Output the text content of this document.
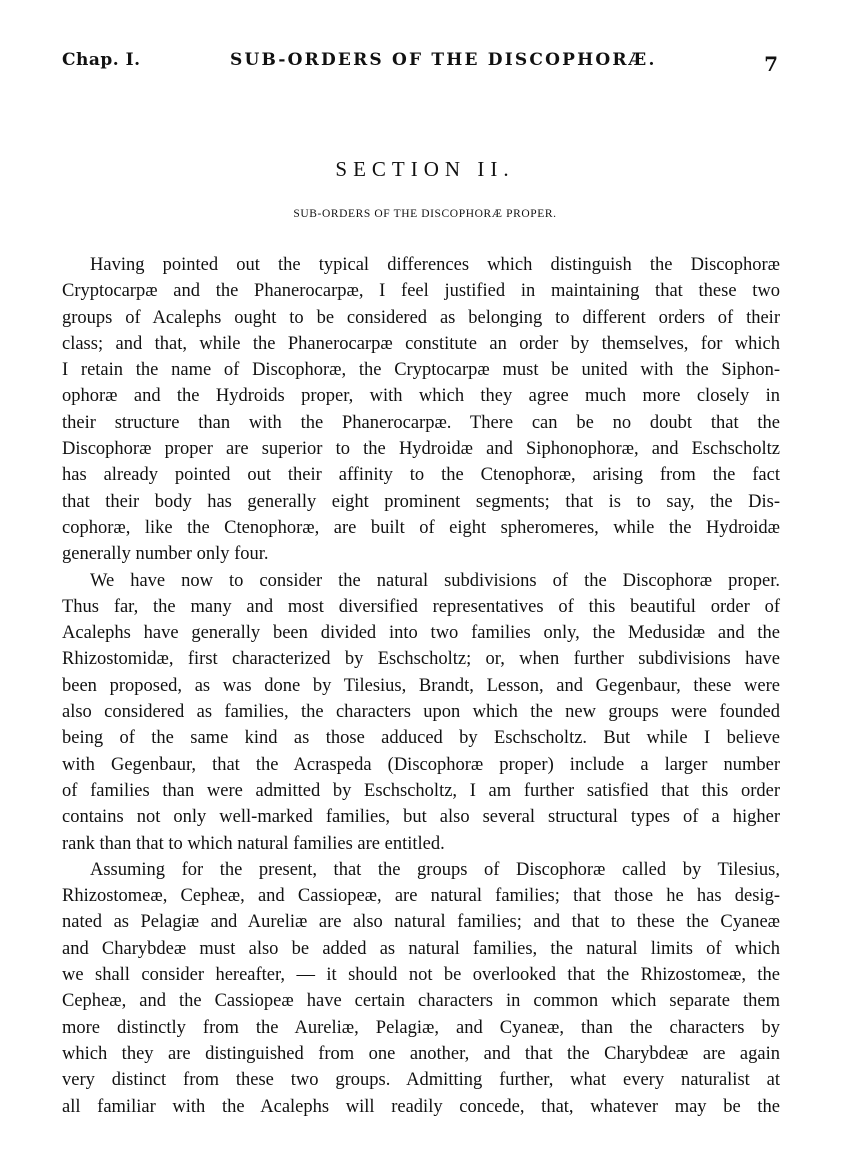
Chap. I.	SUB-ORDERS OF THE DISCOPHORÆ.	7
SECTION II.
SUB-ORDERS OF THE DISCOPHORÆ PROPER.
Having pointed out the typical differences which distinguish the Discophoræ
Cryptocarpæ and the Phanerocarpæ, I feel justified in maintaining that these two
groups of Acalephs ought to be considered as belonging to different orders of their
class; and that, while the Phanerocarpæ constitute an order by themselves, for which
I retain the name of Discophoræ, the Cryptocarpæ must be united with the Siphon-
ophoræ and the Hydroids proper, with which they agree much more closely in
their structure than with the Phanerocarpæ. There can be no doubt that the
Discophoræ proper are superior to the Hydroidæ and Siphonophoræ, and Eschscholtz
has already pointed out their affinity to the Ctenophoræ, arising from the fact
that their body has generally eight prominent segments; that is to say, the Dis-
cophoræ, like the Ctenophoræ, are built of eight spheromeres, while the Hydroidæ
generally number only four.
We have now to consider the natural subdivisions of the Discophoræ proper.
Thus far, the many and most diversified representatives of this beautiful order of
Acalephs have generally been divided into two families only, the Medusidæ and the
Rhizostomidæ, first characterized by Eschscholtz; or, when further subdivisions have
been proposed, as was done by Tilesius, Brandt, Lesson, and Gegenbaur, these were
also considered as families, the characters upon which the new groups were founded
being of the same kind as those adduced by Eschscholtz. But while I believe
with Gegenbaur, that the Acraspeda (Discophoræ proper) include a larger number
of families than were admitted by Eschscholtz, I am further satisfied that this order
contains not only well-marked families, but also several structural types of a higher
rank than that to which natural families are entitled.
Assuming for the present, that the groups of Discophoræ called by Tilesius,
Rhizostomeæ, Cepheæ, and Cassiopeæ, are natural families; that those he has desig-
nated as Pelagiæ and Aureliæ are also natural families; and that to these the Cyaneæ
and Charybdeæ must also be added as natural families, the natural limits of which
we shall consider hereafter, — it should not be overlooked that the Rhizostomeæ, the
Cepheæ, and the Cassiopeæ have certain characters in common which separate them
more distinctly from the Aureliæ, Pelagiæ, and Cyaneæ, than the characters by
which they are distinguished from one another, and that the Charybdeæ are again
very distinct from these two groups. Admitting further, what every naturalist at
all familiar with the Acalephs will readily concede, that, whatever may be the
